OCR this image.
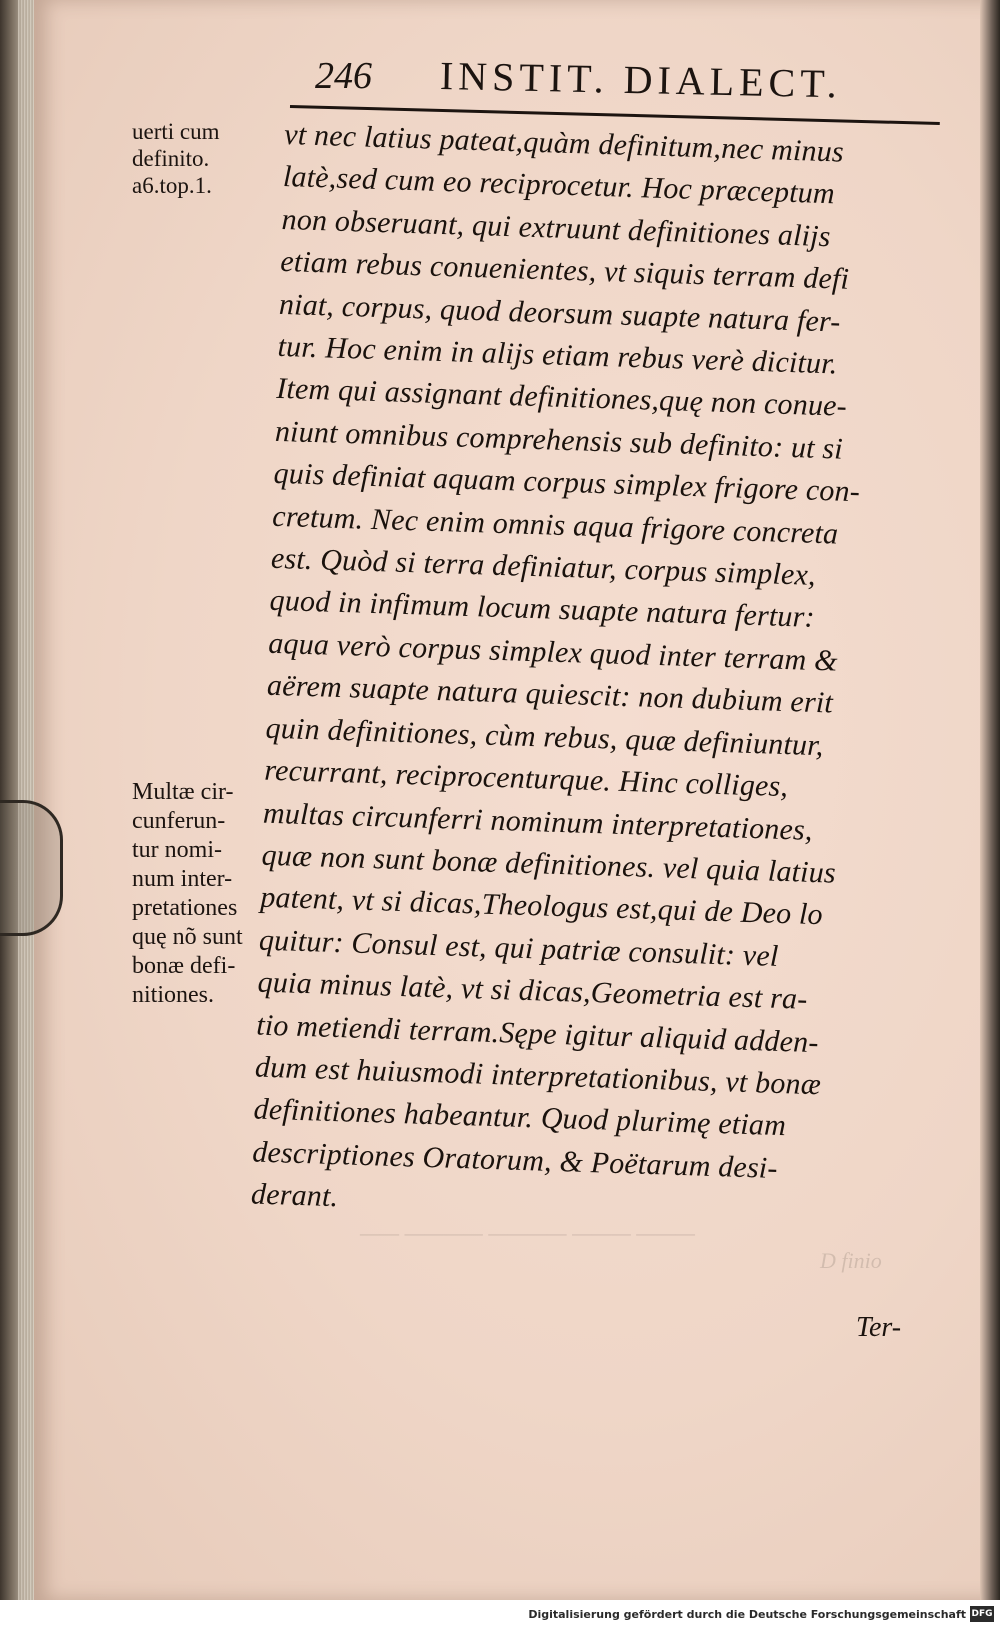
D finio
—— ———— ———— ——— ———
246 INSTIT. DIALECT.
uerti cum
definito.
a6.top.1.
Multæ cir-
cunferun-
tur nomi-
num inter-
pretationes
quę nõ sunt
bonæ defi-
nitiones.
vt nec latius pateat,quàm definitum,nec minus
latè,sed cum eo reciprocetur. Hoc præceptum
non obseruant, qui extruunt definitiones alijs
etiam rebus conuenientes, vt siquis terram defi
niat, corpus, quod deorsum suapte natura fer-
tur. Hoc enim in alijs etiam rebus verè dicitur.
Item qui assignant definitiones,quę non conue-
niunt omnibus comprehensis sub definito: ut si
quis definiat aquam corpus simplex frigore con-
cretum. Nec enim omnis aqua frigore concreta
est. Quòd si terra definiatur, corpus simplex,
quod in infimum locum suapte natura fertur:
aqua verò corpus simplex quod inter terram &
aërem suapte natura quiescit: non dubium erit
quin definitiones, cùm rebus, quæ definiuntur,
recurrant, reciprocenturque. Hinc colliges,
multas circunferri nominum interpretationes,
quæ non sunt bonæ definitiones. vel quia latius
patent, vt si dicas,Theologus est,qui de Deo lo
quitur: Consul est, qui patriæ consulit: vel
quia minus latè, vt si dicas,Geometria est ra-
tio metiendi terram.Sępe igitur aliquid adden-
dum est huiusmodi interpretationibus, vt bonæ
definitiones habeantur. Quod plurimę etiam
descriptiones Oratorum, & Poëtarum desi-
derant.
Ter-
Digitalisierung gefördert durch die Deutsche Forschungsgemeinschaft DFG
